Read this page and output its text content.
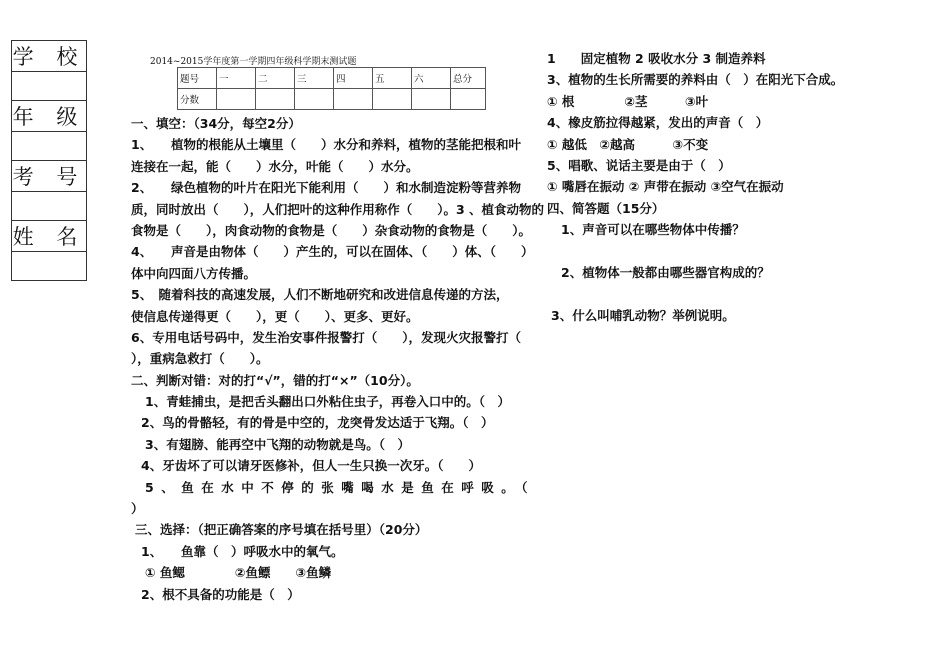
学 校

年 级

考 号

姓 名

2014~2015学年度第一学期四年级科学期末测试题
题号	一	二	三	四	五	六	总分
分数							
一、填空：（34分，每空2分）
1、　　植物的根能从土壤里（　　）水分和养料，植物的茎能把根和叶
连接在一起，能（　　）水分，叶能（　　）水分。
2、　　绿色植物的叶片在阳光下能利用（　　）和水制造淀粉等营养物
质，同时放出（　　），人们把叶的这种作用称作（　　）。3 、植食动物的
食物是（　　），肉食动物的食物是（　　）杂食动物的食物是（　　）。
4、　　声音是由物体（　　）产生的，可以在固体、（　　）体、（　　）
体中向四面八方传播。
5、　随着科技的高速发展，人们不断地研究和改进信息传递的方法，
使信息传递得更（　　），更（　　）、更多、更好。
6、专用电话号码中，发生治安事件报警打（　　），发现火灾报警打（
），重病急救打（　　）。
二、判断对错：对的打“√”，错的打“×”（10分）。
1、青蛙捕虫，是把舌头翻出口外粘住虫子，再卷入口中的。（　）
2、鸟的骨骼轻，有的骨是中空的，龙突骨发达适于飞翔。（　）
3、有翅膀、能再空中飞翔的动物就是鸟。（　）
4、牙齿坏了可以请牙医修补，但人一生只换一次牙。（　　）
5、鱼在水中不停的张嘴喝水是鱼在呼吸。（
）
三、选择：（把正确答案的序号填在括号里）（20分）
1、　　鱼靠（　）呼吸水中的氧气。
① 鱼鳃　　　　②鱼鳔　　③鱼鳞
2、根不具备的功能是（　）
1　　固定植物 2 吸收水分 3 制造养料
3、植物的生长所需要的养料由（　）在阳光下合成。
① 根　　　　②茎　　　③叶
4、橡皮筋拉得越紧，发出的声音（　）
① 越低　②越高　　　③不变
5、唱歌、说话主要是由于（　）
① 嘴唇在振动 ② 声带在振动 ③空气在振动
四、简答题（15分）
1、声音可以在哪些物体中传播？
2、植物体一般都由哪些器官构成的？
3、什么叫哺乳动物？举例说明。
